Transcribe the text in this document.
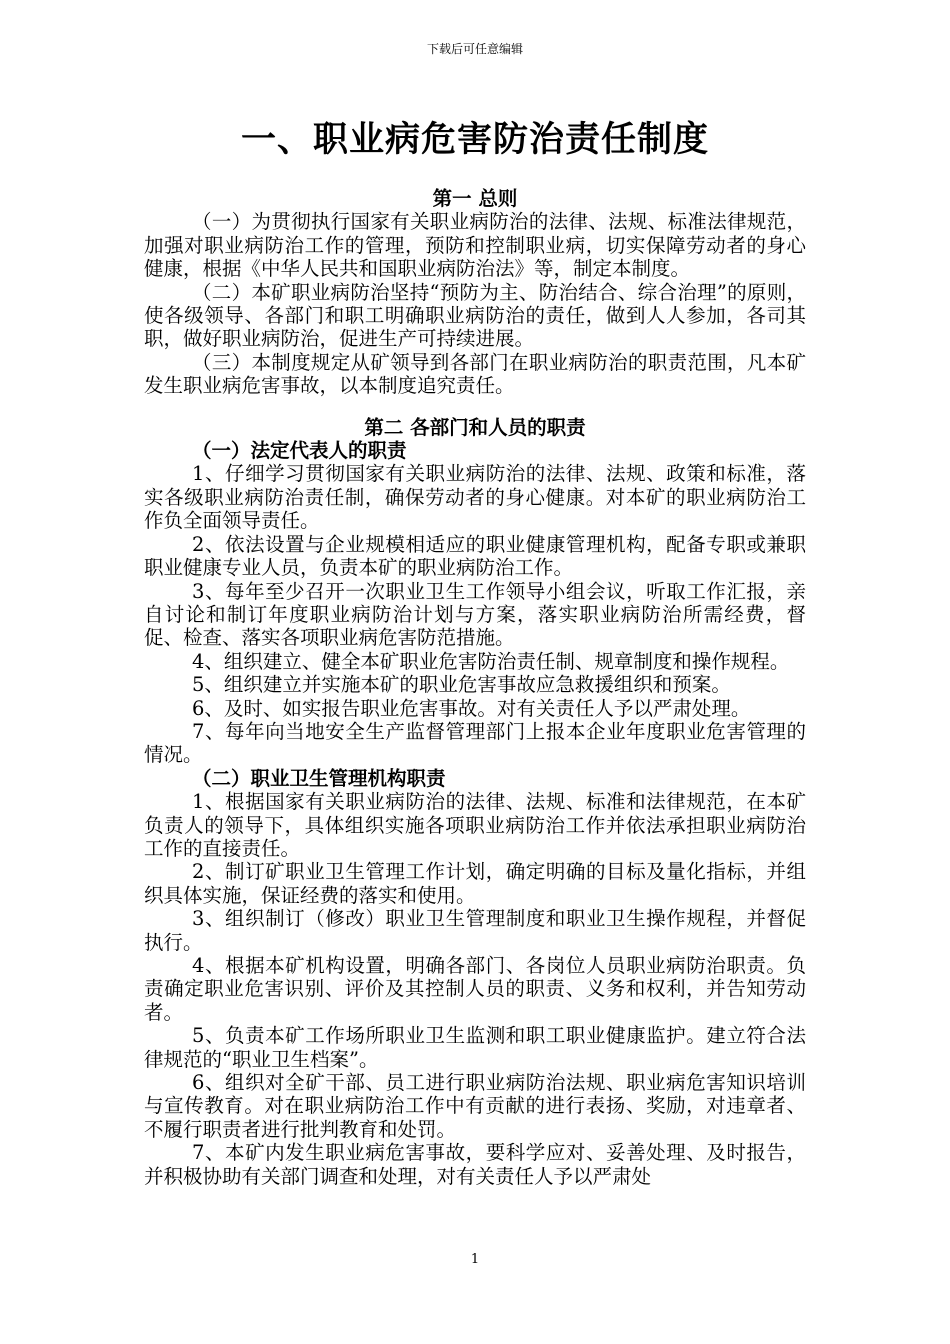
下载后可任意编辑
一、职业病危害防治责任制度
第一 总则

（一）为贯彻执行国家有关职业病防治的法律、法规、标准法律规范，加强对职业病防治工作的管理，预防和控制职业病，切实保障劳动者的身心健康，根据《中华人民共和国职业病防治法》等，制定本制度。

（二）本矿职业病防治坚持“预防为主、防治结合、综合治理”的原则，使各级领导、各部门和职工明确职业病防治的责任，做到人人参加，各司其职，做好职业病防治，促进生产可持续进展。

（三）本制度规定从矿领导到各部门在职业病防治的职责范围，凡本矿发生职业病危害事故，以本制度追究责任。

第二 各部门和人员的职责
（一）法定代表人的职责

1、仔细学习贯彻国家有关职业病防治的法律、法规、政策和标准，落实各级职业病防治责任制，确保劳动者的身心健康。对本矿的职业病防治工作负全面领导责任。

2、依法设置与企业规模相适应的职业健康管理机构，配备专职或兼职职业健康专业人员，负责本矿的职业病防治工作。

3、每年至少召开一次职业卫生工作领导小组会议，听取工作汇报，亲自讨论和制订年度职业病防治计划与方案，落实职业病防治所需经费，督促、检查、落实各项职业病危害防范措施。

4、组织建立、健全本矿职业危害防治责任制、规章制度和操作规程。

5、组织建立并实施本矿的职业危害事故应急救援组织和预案。

6、及时、如实报告职业危害事故。对有关责任人予以严肃处理。

7、每年向当地安全生产监督管理部门上报本企业年度职业危害管理的情况。

（二）职业卫生管理机构职责

1、根据国家有关职业病防治的法律、法规、标准和法律规范，在本矿负责人的领导下，具体组织实施各项职业病防治工作并依法承担职业病防治工作的直接责任。

2、制订矿职业卫生管理工作计划，确定明确的目标及量化指标，并组织具体实施，保证经费的落实和使用。

3、组织制订（修改）职业卫生管理制度和职业卫生操作规程，并督促执行。

4、根据本矿机构设置，明确各部门、各岗位人员职业病防治职责。负责确定职业危害识别、评价及其控制人员的职责、义务和权利，并告知劳动者。

5、负责本矿工作场所职业卫生监测和职工职业健康监护。建立符合法律规范的“职业卫生档案”。

6、组织对全矿干部、员工进行职业病防治法规、职业病危害知识培训与宣传教育。对在职业病防治工作中有贡献的进行表扬、奖励，对违章者、不履行职责者进行批判教育和处罚。

7、本矿内发生职业病危害事故，要科学应对、妥善处理、及时报告，并积极协助有关部门调查和处理，对有关责任人予以严肃处

1
